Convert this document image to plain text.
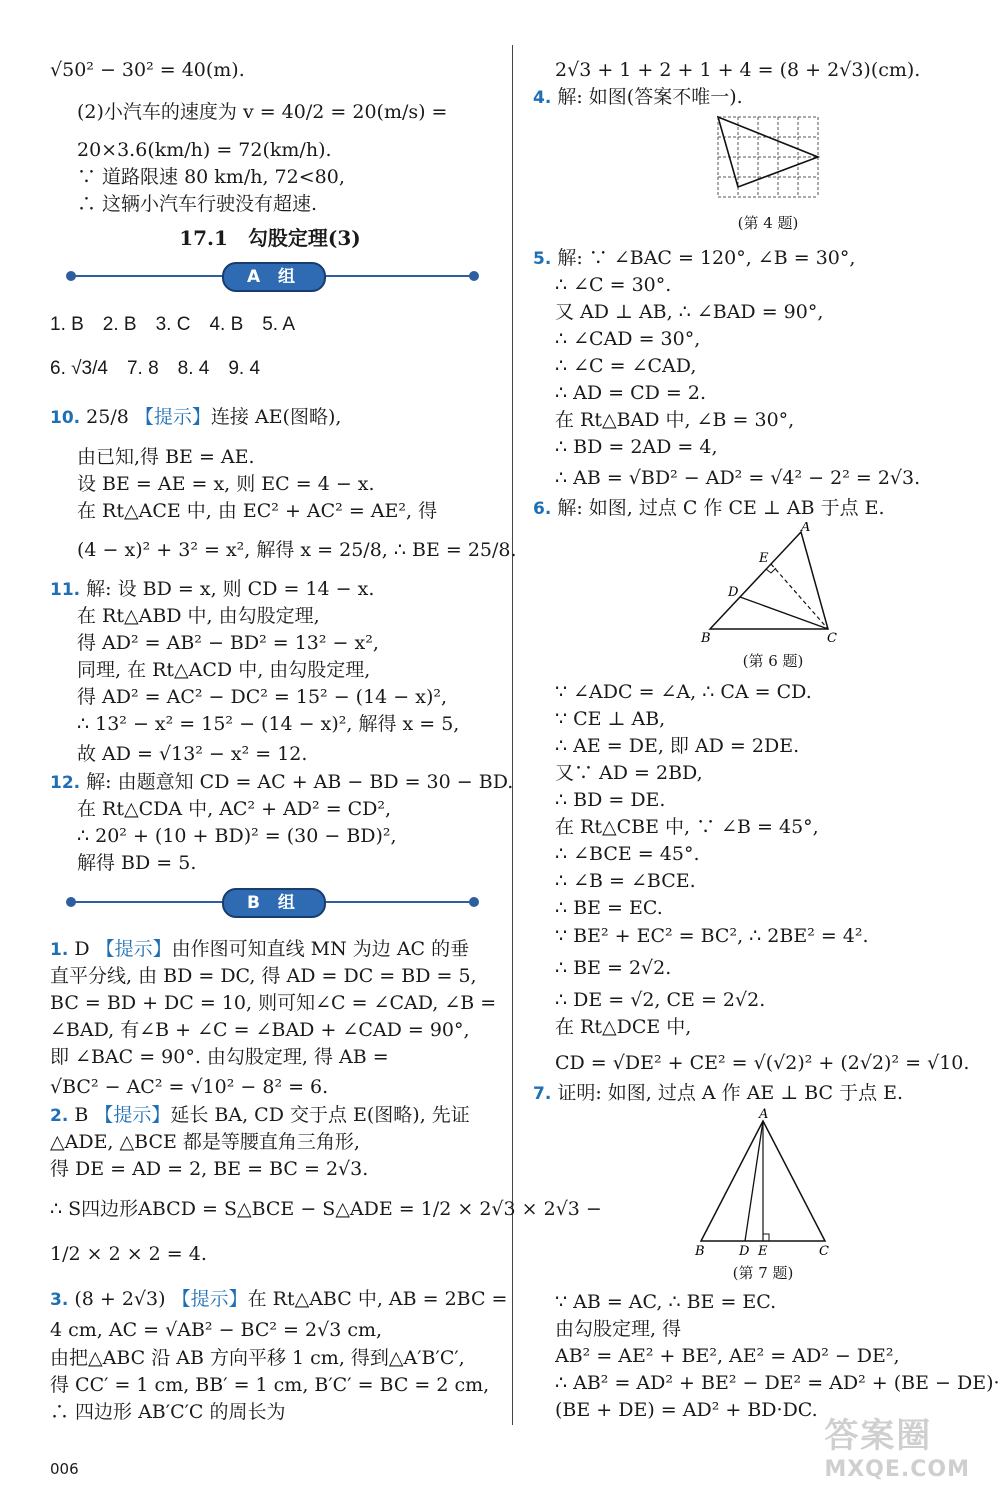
√50² − 30² = 40(m).
(2)小汽车的速度为 v = 40/2 = 20(m/s) =
20×3.6(km/h) = 72(km/h).
∵ 道路限速 80 km/h, 72<80,
∴ 这辆小汽车行驶没有超速.
17.1　勾股定理(3)
A 组
1. B　2. B　3. C　4. B　5. A
6. √3/4　7. 8　8. 4　9. 4
10. 25/8 【提示】连接 AE(图略),
由已知,得 BE = AE.
设 BE = AE = x, 则 EC = 4 − x.
在 Rt△ACE 中, 由 EC² + AC² = AE², 得
(4 − x)² + 3² = x², 解得 x = 25/8, ∴ BE = 25/8.
11. 解: 设 BD = x, 则 CD = 14 − x.
在 Rt△ABD 中, 由勾股定理,
得 AD² = AB² − BD² = 13² − x²,
同理, 在 Rt△ACD 中, 由勾股定理,
得 AD² = AC² − DC² = 15² − (14 − x)²,
∴ 13² − x² = 15² − (14 − x)², 解得 x = 5,
故 AD = √13² − x² = 12.
12. 解: 由题意知 CD = AC + AB − BD = 30 − BD.
在 Rt△CDA 中, AC² + AD² = CD²,
∴ 20² + (10 + BD)² = (30 − BD)²,
解得 BD = 5.
B 组
1. D 【提示】由作图可知直线 MN 为边 AC 的垂
直平分线, 由 BD = DC, 得 AD = DC = BD = 5,
BC = BD + DC = 10, 则可知∠C = ∠CAD, ∠B =
∠BAD, 有∠B + ∠C = ∠BAD + ∠CAD = 90°,
即 ∠BAC = 90°. 由勾股定理, 得 AB =
√BC² − AC² = √10² − 8² = 6.
2. B 【提示】延长 BA, CD 交于点 E(图略), 先证
△ADE, △BCE 都是等腰直角三角形,
得 DE = AD = 2, BE = BC = 2√3.
∴ S四边形ABCD = S△BCE − S△ADE = 1/2 × 2√3 × 2√3 −
1/2 × 2 × 2 = 4.
3. (8 + 2√3) 【提示】在 Rt△ABC 中, AB = 2BC =
4 cm, AC = √AB² − BC² = 2√3 cm,
由把△ABC 沿 AB 方向平移 1 cm, 得到△A′B′C′,
得 CC′ = 1 cm, BB′ = 1 cm, B′C′ = BC = 2 cm,
∴ 四边形 AB′C′C 的周长为
2√3 + 1 + 2 + 1 + 4 = (8 + 2√3)(cm).
4. 解: 如图(答案不唯一).
(第 4 题)
5. 解: ∵ ∠BAC = 120°, ∠B = 30°,
∴ ∠C = 30°.
又 AD ⊥ AB, ∴ ∠BAD = 90°,
∴ ∠CAD = 30°,
∴ ∠C = ∠CAD,
∴ AD = CD = 2.
在 Rt△BAD 中, ∠B = 30°,
∴ BD = 2AD = 4,
∴ AB = √BD² − AD² = √4² − 2² = 2√3.
6. 解: 如图, 过点 C 作 CE ⊥ AB 于点 E.
A
E
D
B	C
(第 6 题)
∵ ∠ADC = ∠A, ∴ CA = CD.
∵ CE ⊥ AB,
∴ AE = DE, 即 AD = 2DE.
又∵ AD = 2BD,
∴ BD = DE.
在 Rt△CBE 中, ∵ ∠B = 45°,
∴ ∠BCE = 45°.
∴ ∠B = ∠BCE.
∴ BE = EC.
∵ BE² + EC² = BC², ∴ 2BE² = 4².
∴ BE = 2√2.
∴ DE = √2, CE = 2√2.
在 Rt△DCE 中,
CD = √DE² + CE² = √(√2)² + (2√2)² = √10.
7. 证明: 如图, 过点 A 作 AE ⊥ BC 于点 E.
A
B	D E	C
(第 7 题)
∵ AB = AC, ∴ BE = EC.
由勾股定理, 得
AB² = AE² + BE², AE² = AD² − DE²,
∴ AB² = AD² + BE² − DE² = AD² + (BE − DE)·
(BE + DE) = AD² + BD·DC.
006
答案圈
MXQE.COM
